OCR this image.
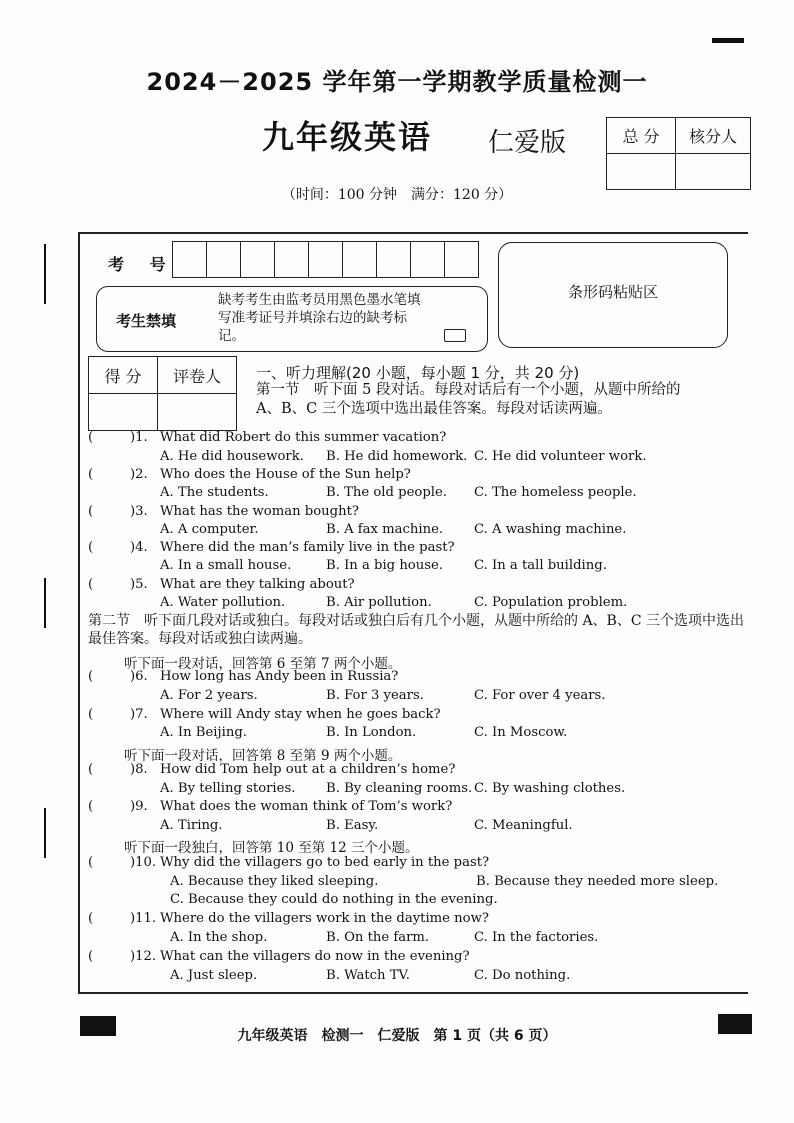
2024－2025 学年第一学期教学质量检测一
九年级英语 仁爱版
（时间：100 分钟　满分：120 分）
总 分	核分人

考 号
条形码粘贴区
考生禁填
缺考考生由监考员用黑色墨水笔填写准考证号并填涂右边的缺考标记。
得 分	评卷人
	一、听力理解(20 小题，每小题 1 分，共 20 分)
第一节　听下面 5 段对话。每段对话后有一个小题，从题中所给的 A、B、C 三个选项中选出最佳答案。每段对话读两遍。
第二节　听下面几段对话或独白。每段对话或独白后有几个小题，从题中所给的 A、B、C 三个选项中选出最佳答案。每段对话或独白读两遍。
听下面一段对话，回答第 6 至第 7 两个小题。
听下面一段对话，回答第 8 至第 9 两个小题。
听下面一段独白，回答第 10 至第 12 三个小题。
(	)1. What did Robert do this summer vacation?
A. He did housework. B. He did homework. C. He did volunteer work.
(	)2. Who does the House of the Sun help?
A. The students.	B. The old people. C. The homeless people.
(	)3. What has the woman bought?
A. A computer.	B. A fax machine. C. A washing machine.
(	)4. Where did the man’s family live in the past?
A. In a small house.	B. In a big house. C. In a tall building.
(	)5. What are they talking about?
A. Water pollution.	B. Air pollution.	C. Population problem.
(	)6. How long has Andy been in Russia?
A. For 2 years.	B. For 3 years.	C. For over 4 years.
(	)7. Where will Andy stay when he goes back?
A. In Beijing.	B. In London.	C. In Moscow.
(	)8. How did Tom help out at a children’s home?
A. By telling stories. B. By cleaning rooms. C. By washing clothes.
(	)9. What does the woman think of Tom’s work?
A. Tiring.	B. Easy.	C. Meaningful.
(	)10. Why did the villagers go to bed early in the past?
A. Because they liked sleeping.	B. Because they needed more sleep.
C. Because they could do nothing in the evening.
(	)11. Where do the villagers work in the daytime now?
A. In the shop.	B. On the farm.	C. In the factories.
(	)12. What can the villagers do now in the evening?
A. Just sleep.	B. Watch TV.	C. Do nothing.
九年级英语　检测一　仁爱版　第 1 页（共 6 页）
